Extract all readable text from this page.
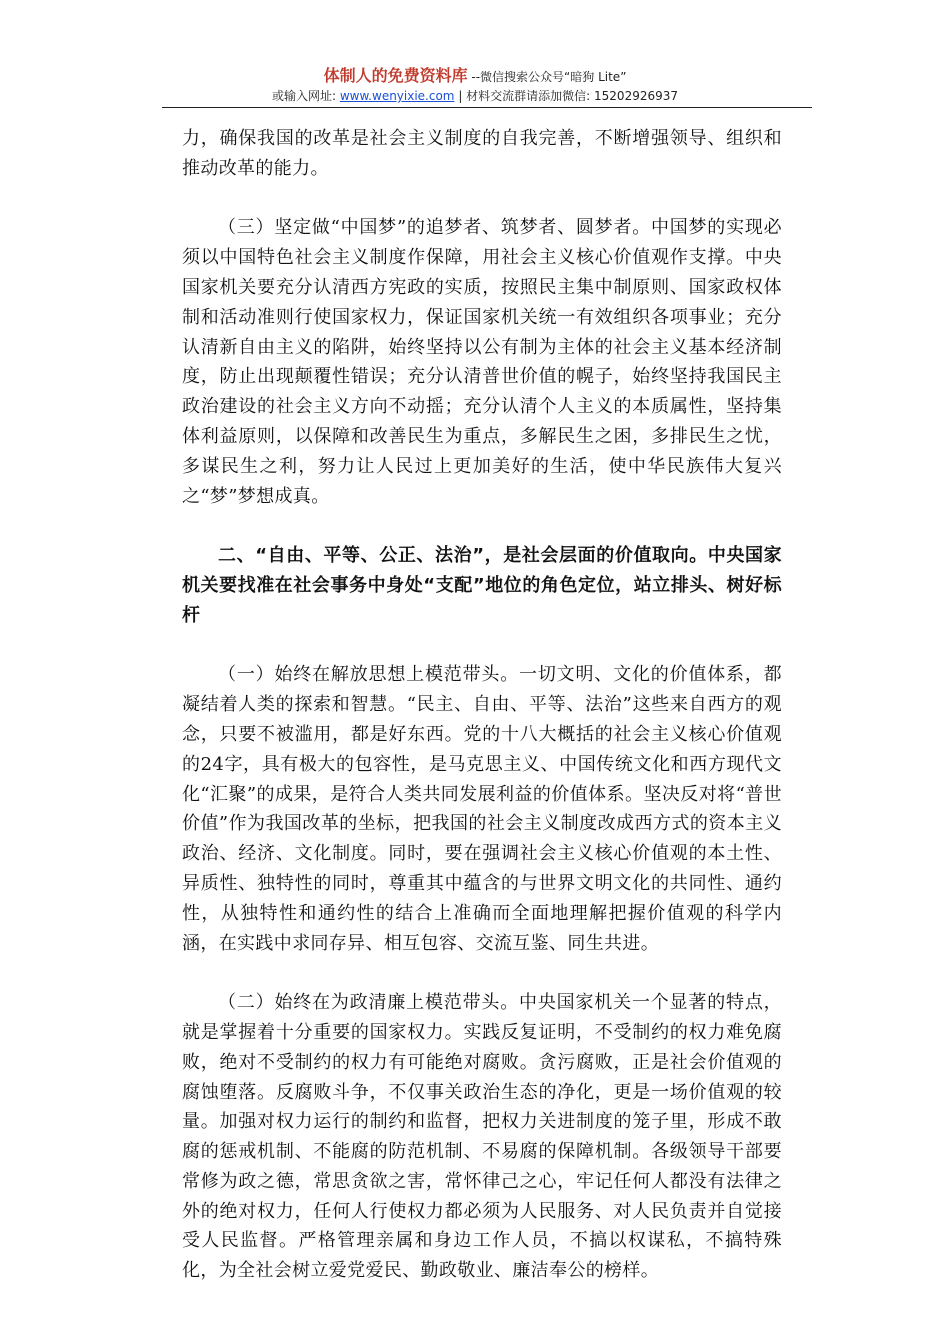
体制人的免费资料库 --微信搜索公众号“暗狗 Lite”
或输入网址: www.wenyixie.com | 材料交流群请添加微信: 15202926937

力，确保我国的改革是社会主义制度的自我完善，不断增强领导、组织和推动改革的能力。

（三）坚定做“中国梦”的追梦者、筑梦者、圆梦者。中国梦的实现必须以中国特色社会主义制度作保障，用社会主义核心价值观作支撑。中央国家机关要充分认清西方宪政的实质，按照民主集中制原则、国家政权体制和活动准则行使国家权力，保证国家机关统一有效组织各项事业；充分认清新自由主义的陷阱，始终坚持以公有制为主体的社会主义基本经济制度，防止出现颠覆性错误；充分认清普世价值的幌子，始终坚持我国民主政治建设的社会主义方向不动摇；充分认清个人主义的本质属性，坚持集体利益原则，以保障和改善民生为重点，多解民生之困，多排民生之忧，多谋民生之利，努力让人民过上更加美好的生活，使中华民族伟大复兴之“梦”梦想成真。

二、“自由、平等、公正、法治”，是社会层面的价值取向。中央国家机关要找准在社会事务中身处“支配”地位的角色定位，站立排头、树好标杆

（一）始终在解放思想上模范带头。一切文明、文化的价值体系，都凝结着人类的探索和智慧。“民主、自由、平等、法治”这些来自西方的观念，只要不被滥用，都是好东西。党的十八大概括的社会主义核心价值观的24字，具有极大的包容性，是马克思主义、中国传统文化和西方现代文化“汇聚”的成果，是符合人类共同发展利益的价值体系。坚决反对将“普世价值”作为我国改革的坐标，把我国的社会主义制度改成西方式的资本主义政治、经济、文化制度。同时，要在强调社会主义核心价值观的本土性、异质性、独特性的同时，尊重其中蕴含的与世界文明文化的共同性、通约性，从独特性和通约性的结合上准确而全面地理解把握价值观的科学内涵，在实践中求同存异、相互包容、交流互鉴、同生共进。

（二）始终在为政清廉上模范带头。中央国家机关一个显著的特点，就是掌握着十分重要的国家权力。实践反复证明，不受制约的权力难免腐败，绝对不受制约的权力有可能绝对腐败。贪污腐败，正是社会价值观的腐蚀堕落。反腐败斗争，不仅事关政治生态的净化，更是一场价值观的较量。加强对权力运行的制约和监督，把权力关进制度的笼子里，形成不敢腐的惩戒机制、不能腐的防范机制、不易腐的保障机制。各级领导干部要常修为政之德，常思贪欲之害，常怀律己之心，牢记任何人都没有法律之外的绝对权力，任何人行使权力都必须为人民服务、对人民负责并自觉接受人民监督。严格管理亲属和身边工作人员，不搞以权谋私，不搞特殊化，为全社会树立爱党爱民、勤政敬业、廉洁奉公的榜样。
